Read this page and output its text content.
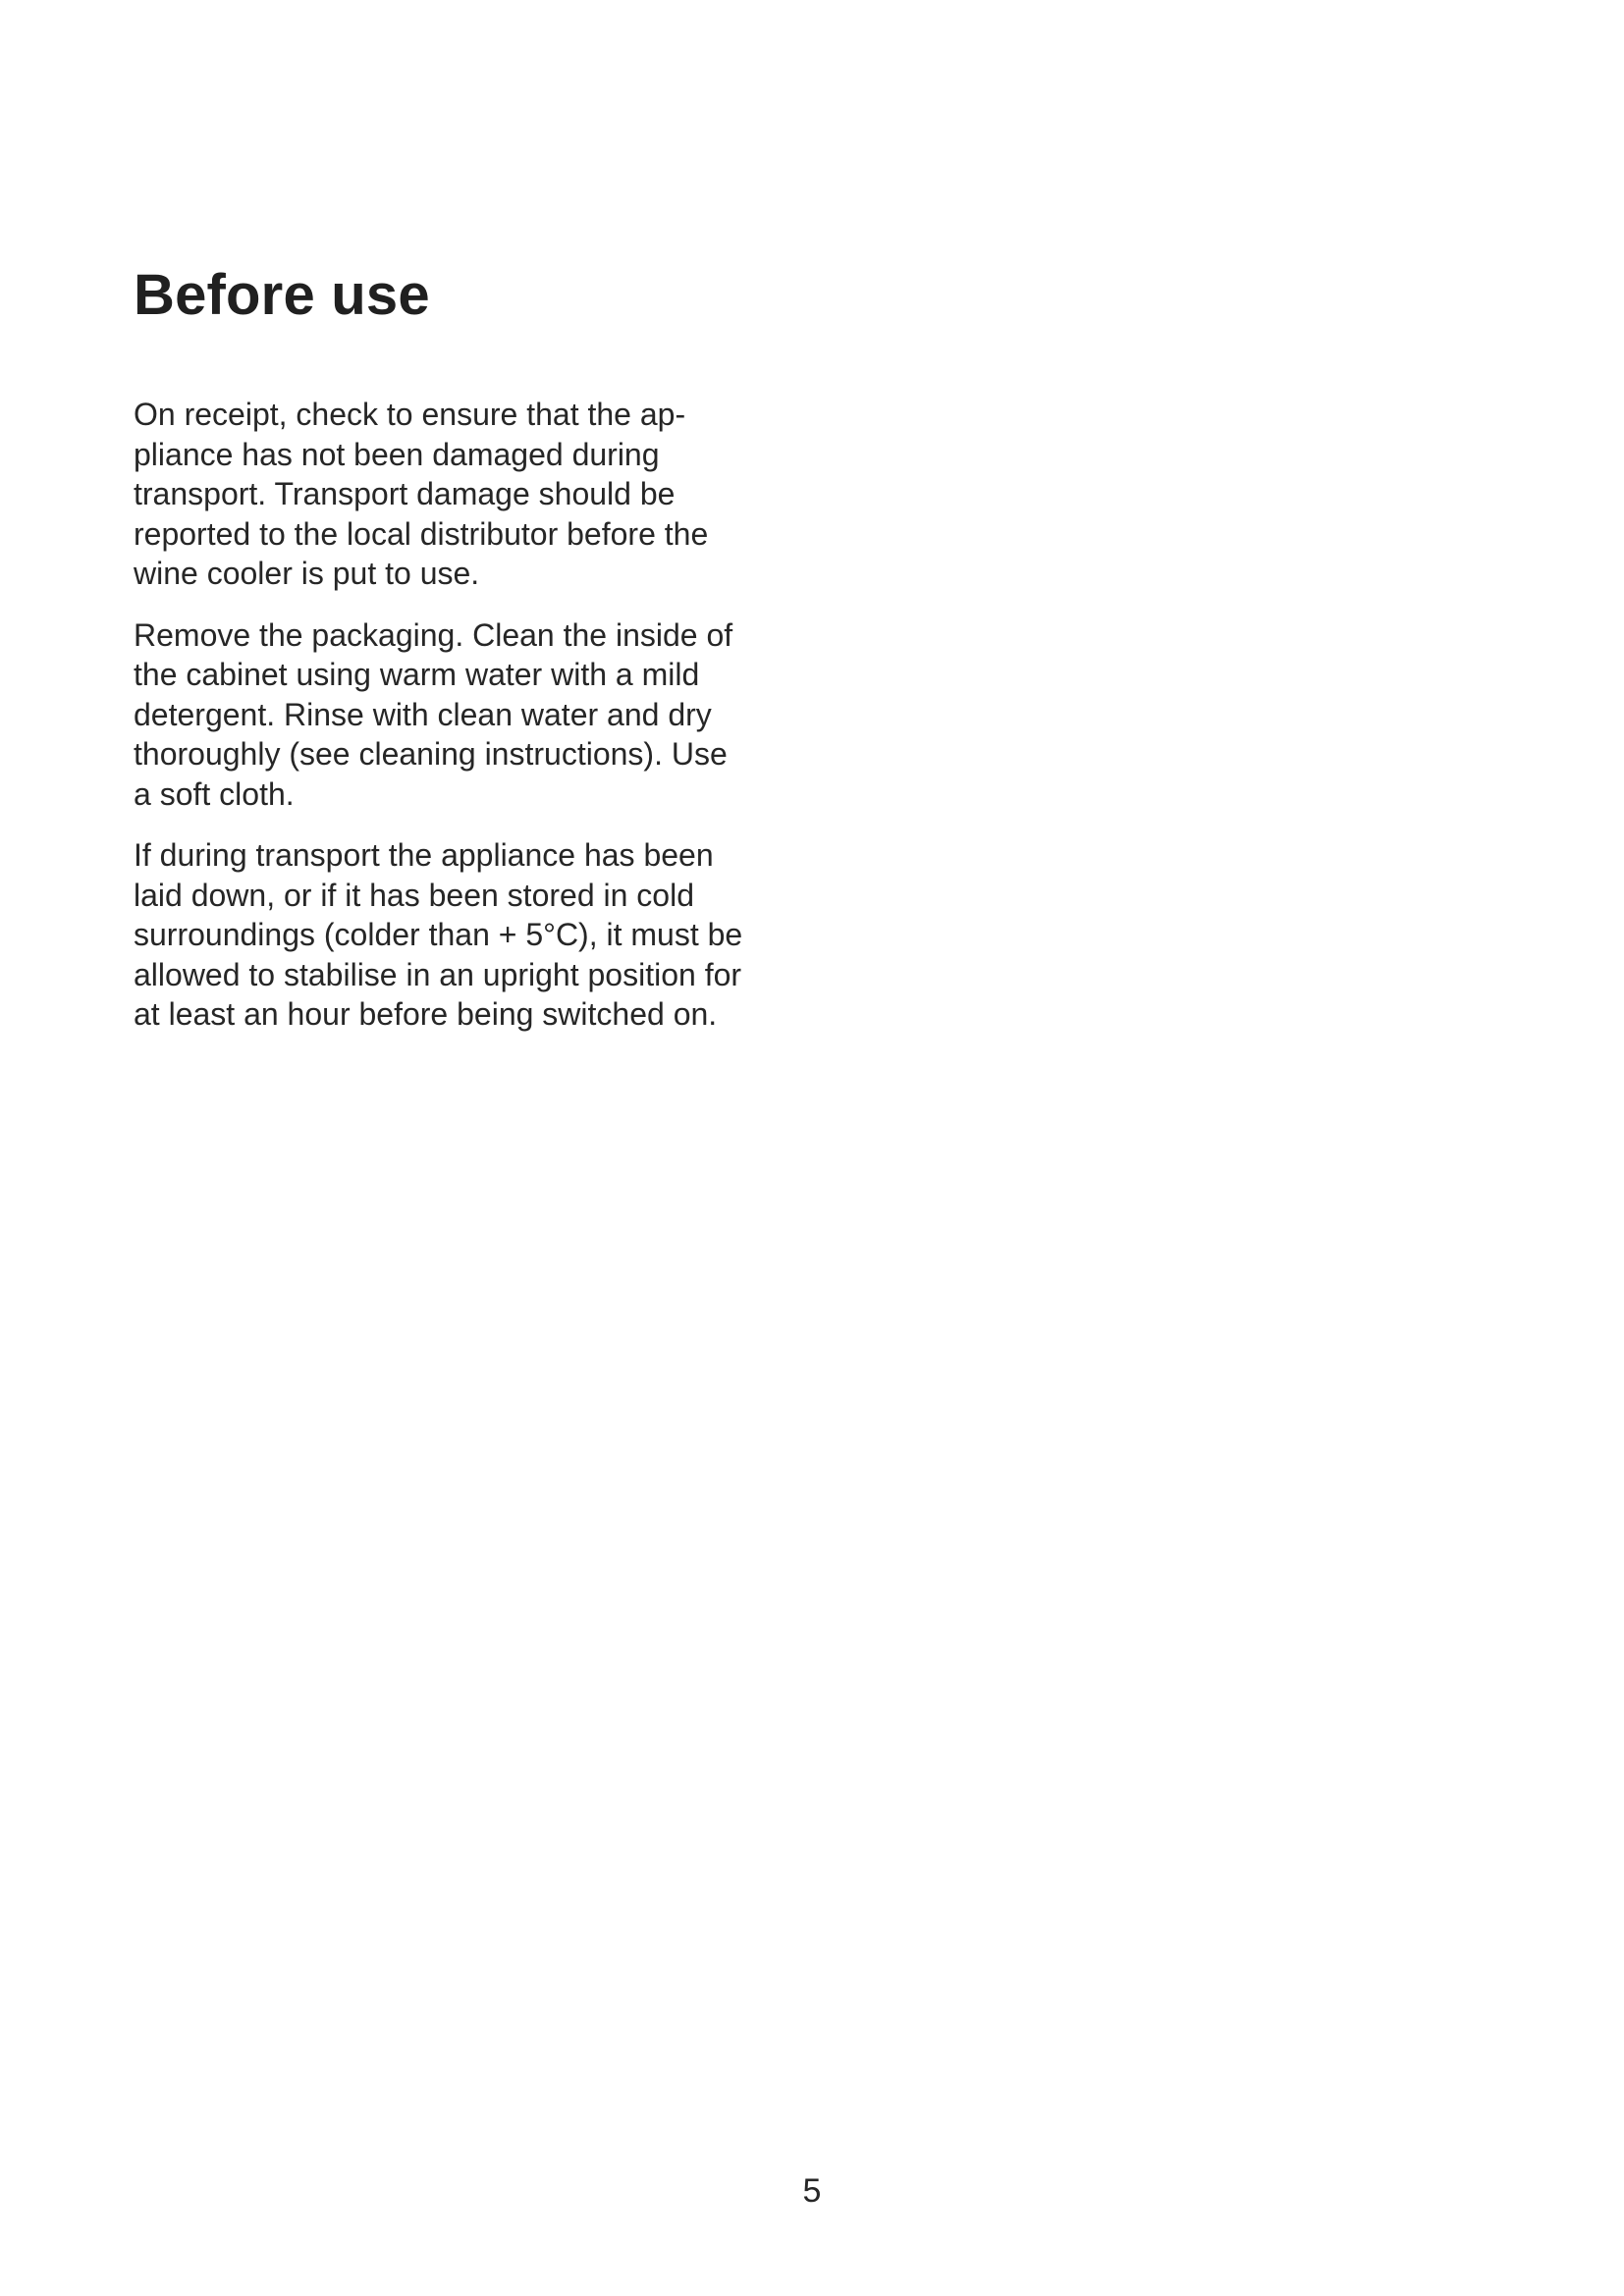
Before use

On receipt, check to ensure that the ap-
pliance has not been damaged during
transport. Transport damage should be
reported to the local distributor before the
wine cooler is put to use.

Remove the packaging. Clean the inside of
the cabinet using warm water with a mild
detergent. Rinse with clean water and dry
thoroughly (see cleaning instructions). Use
a soft cloth.

If during transport the appliance has been
laid down, or if it has been stored in cold
surroundings (colder than + 5°C), it must be
allowed to stabilise in an upright position for
at least an hour before being switched on.

5
